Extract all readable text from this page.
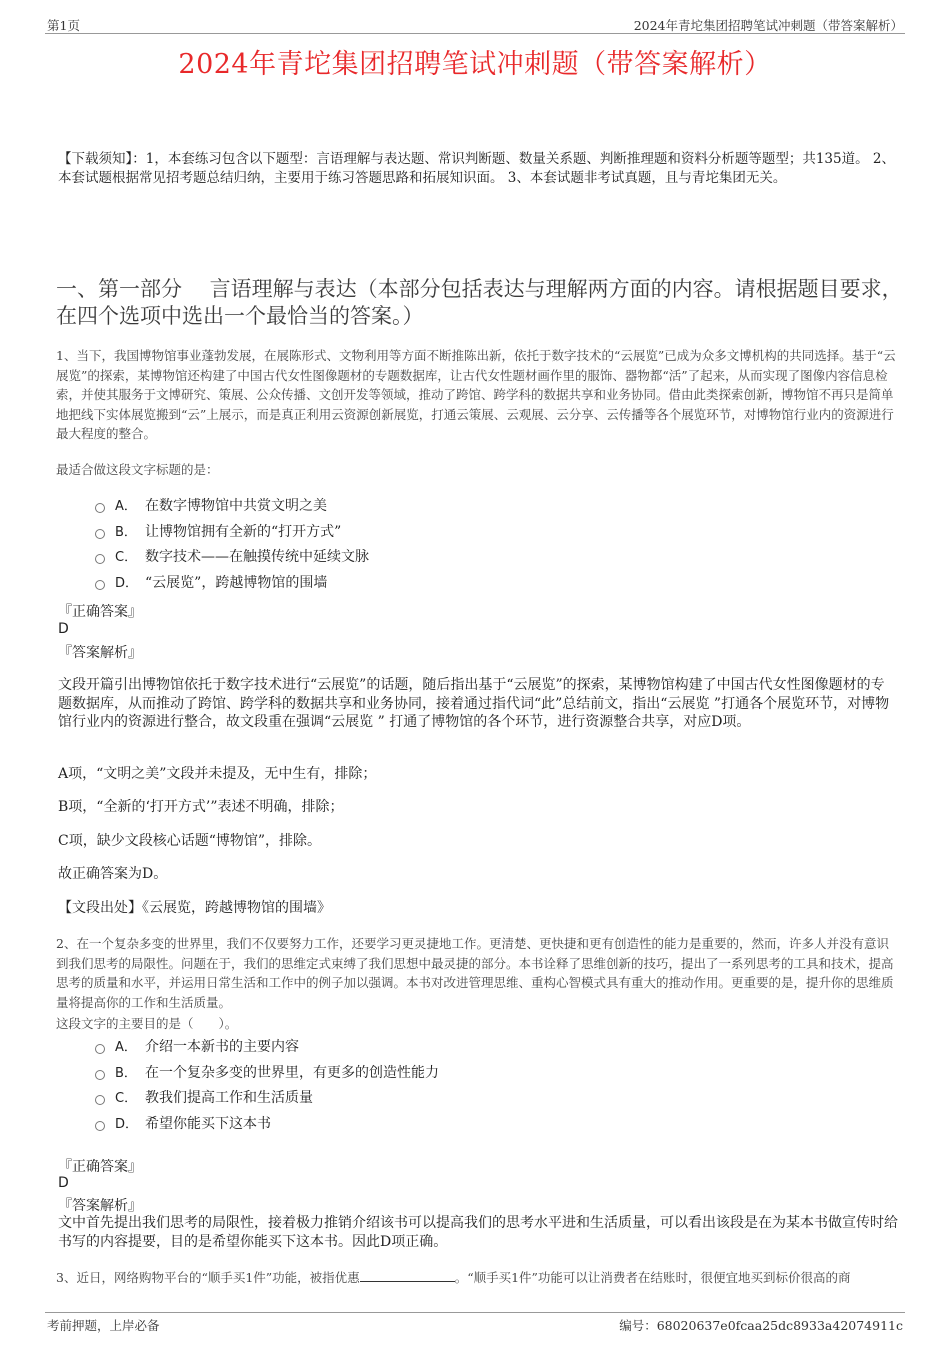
第1页	2024年青坨集团招聘笔试冲刺题（带答案解析）
2024年青坨集团招聘笔试冲刺题（带答案解析）
【下载须知】：1，本套练习包含以下题型：言语理解与表达题、常识判断题、数量关系题、判断推理题和资料分析题等题型；共135道。 2、本套试题根据常见招考题总结归纳，主要用于练习答题思路和拓展知识面。 3、本套试题非考试真题，且与青坨集团无关。
一、第一部分　 言语理解与表达（本部分包括表达与理解两方面的内容。请根据题目要求，在四个选项中选出一个最恰当的答案。）
1、当下，我国博物馆事业蓬勃发展，在展陈形式、文物利用等方面不断推陈出新，依托于数字技术的“云展览”已成为众多文博机构的共同选择。基于“云展览”的探索，某博物馆还构建了中国古代女性图像题材的专题数据库，让古代女性题材画作里的服饰、器物都“活”了起来，从而实现了图像内容信息检索，并使其服务于文博研究、策展、公众传播、文创开发等领域，推动了跨馆、跨学科的数据共享和业务协同。借由此类探索创新，博物馆不再只是简单地把线下实体展览搬到“云”上展示，而是真正利用云资源创新展览，打通云策展、云观展、云分享、云传播等各个展览环节，对博物馆行业内的资源进行最大程度的整合。
最适合做这段文字标题的是：
A． 在数字博物馆中共赏文明之美
B． 让博物馆拥有全新的“打开方式”
C． 数字技术——在触摸传统中延续文脉
D． “云展览”，跨越博物馆的围墙
『正确答案』
D
『答案解析』
文段开篇引出博物馆依托于数字技术进行“云展览”的话题，随后指出基于“云展览”的探索，某博物馆构建了中国古代女性图像题材的专题数据库，从而推动了跨馆、跨学科的数据共享和业务协同，接着通过指代词“此”总结前文，指出“云展览 ”打通各个展览环节，对博物馆行业内的资源进行整合，故文段重在强调“云展览 ” 打通了博物馆的各个环节，进行资源整合共享，对应D项。
A项，“文明之美”文段并未提及，无中生有，排除；
B项，“全新的‘打开方式’”表述不明确，排除；
C项，缺少文段核心话题“博物馆”，排除。
故正确答案为D。
【文段出处】《云展览，跨越博物馆的围墙》
2、在一个复杂多变的世界里，我们不仅要努力工作，还要学习更灵捷地工作。更清楚、更快捷和更有创造性的能力是重要的，然而，许多人并没有意识到我们思考的局限性。问题在于，我们的思维定式束缚了我们思想中最灵捷的部分。本书诠释了思维创新的技巧，提出了一系列思考的工具和技术，提高思考的质量和水平，并运用日常生活和工作中的例子加以强调。本书对改进管理思维、重构心智模式具有重大的推动作用。更重要的是，提升你的思维质量将提高你的工作和生活质量。
这段文字的主要目的是（　　）。
A． 介绍一本新书的主要内容
B． 在一个复杂多变的世界里，有更多的创造性能力
C． 教我们提高工作和生活质量
D． 希望你能买下这本书
『正确答案』
D
『答案解析』
文中首先提出我们思考的局限性，接着极力推销介绍该书可以提高我们的思考水平进和生活质量，可以看出该段是在为某本书做宣传时给书写的内容提要，目的是希望你能买下这本书。因此D项正确。
3、近日，网络购物平台的“顺手买1件”功能，被指优惠	。“顺手买1件”功能可以让消费者在结账时，很便宜地买到标价很高的商
考前押题，上岸必备	编号：68020637e0fcaa25dc8933a42074911c
